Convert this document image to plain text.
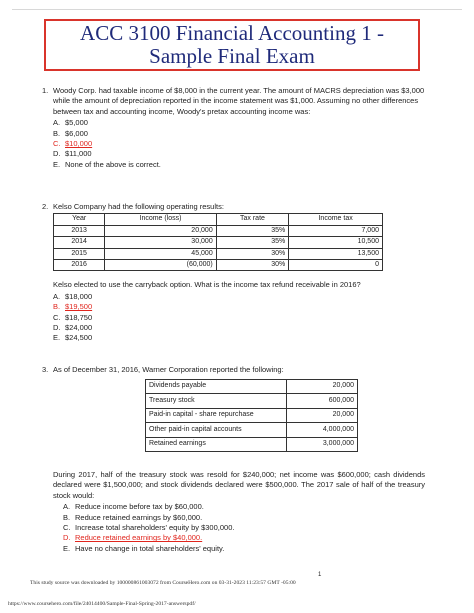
ACC 3100 Financial Accounting 1 -
Sample Final Exam
1. Woody Corp. had taxable income of $8,000 in the current year. The amount of MACRS depreciation was $3,000 while the amount of depreciation reported in the income statement was $1,000. Assuming no other differences between tax and accounting income, Woody's pretax accounting income was:

A. $5,000
B. $6,000
C. $10,000
D. $11,000
E. None of the above is correct.
2. Kelso Company had the following operating results:

Year	Income (loss)	Tax rate	Income tax
2013	20,000	35%	7,000
2014	30,000	35%	10,500
2015	45,000	30%	13,500
2016	(60,000)	30%	0

Kelso elected to use the carryback option. What is the income tax refund receivable in 2016?

A. $18,000
B. $19,500
C. $18,750
D. $24,000
E. $24,500
3. As of December 31, 2016, Warner Corporation reported the following:

Dividends payable	20,000
Treasury stock	600,000
Paid-in capital - share repurchase	20,000
Other paid-in capital accounts	4,000,000
Retained earnings	3,000,000

During 2017, half of the treasury stock was resold for $240,000; net income was $600,000; cash dividends declared were $1,500,000; and stock dividends declared were $500,000. The 2017 sale of half of the treasury stock would:

A. Reduce income before tax by $60,000.
B. Reduce retained earnings by $60,000.
C. Increase total shareholders' equity by $300,000.
D. Reduce retained earnings by $40,000.
E. Have no change in total shareholders' equity.
1
This study source was downloaded by 100000861003072 from CourseHero.com on 03-31-2023 11:23:57 GMT -05:00
https://www.coursehero.com/file/24014400/Sample-Final-Spring-2017-answerspdf/
